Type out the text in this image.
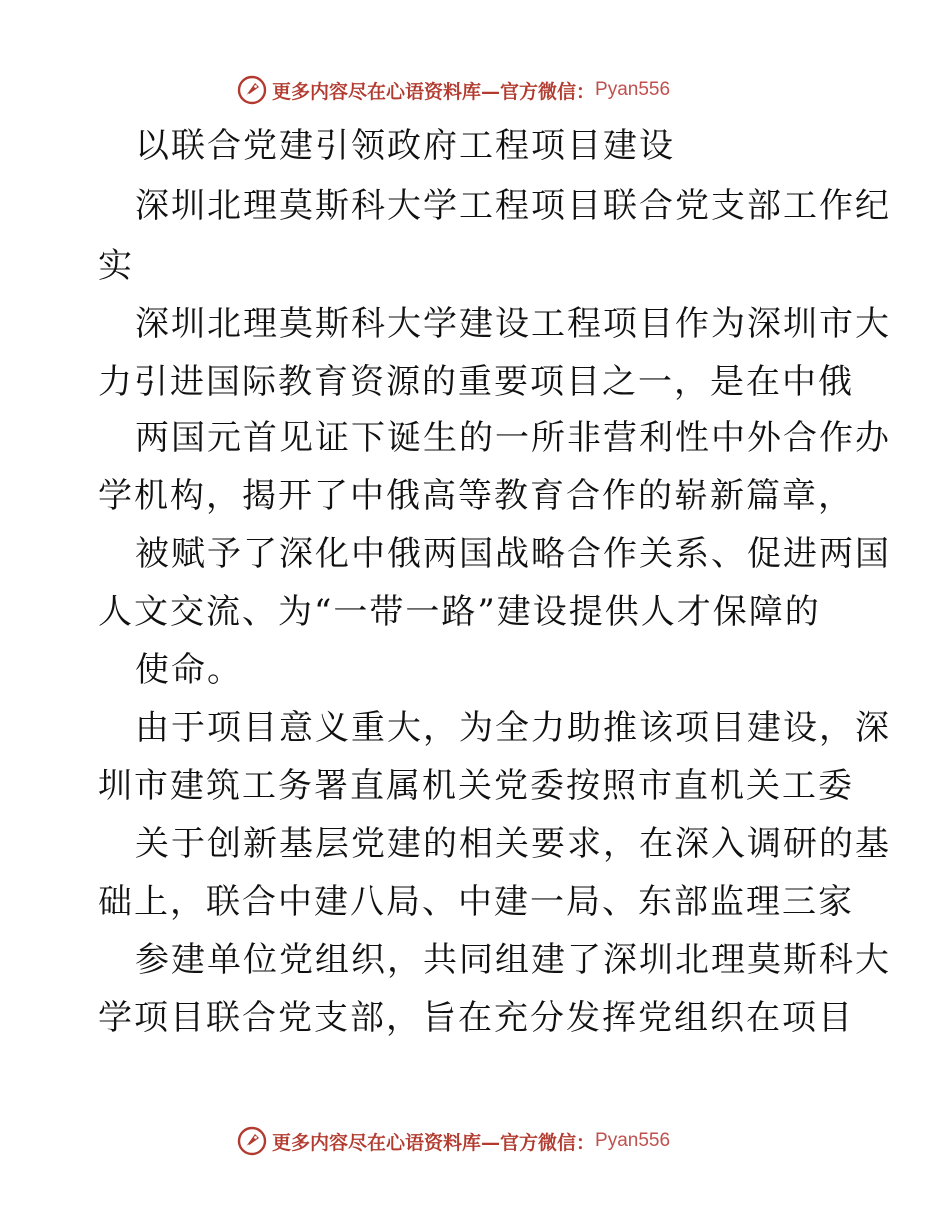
更多内容尽在心语资料库—官方微信： Pyan556
以联合党建引领政府工程项目建设
深圳北理莫斯科大学工程项目联合党支部工作纪
实
深圳北理莫斯科大学建设工程项目作为深圳市大
力引进国际教育资源的重要项目之一，是在中俄
两国元首见证下诞生的一所非营利性中外合作办
学机构，揭开了中俄高等教育合作的崭新篇章，
被赋予了深化中俄两国战略合作关系、促进两国
人文交流、为“一带一路”建设提供人才保障的
使命。
由于项目意义重大，为全力助推该项目建设，深
圳市建筑工务署直属机关党委按照市直机关工委
关于创新基层党建的相关要求，在深入调研的基
础上，联合中建八局、中建一局、东部监理三家
参建单位党组织，共同组建了深圳北理莫斯科大
学项目联合党支部，旨在充分发挥党组织在项目
更多内容尽在心语资料库—官方微信： Pyan556
